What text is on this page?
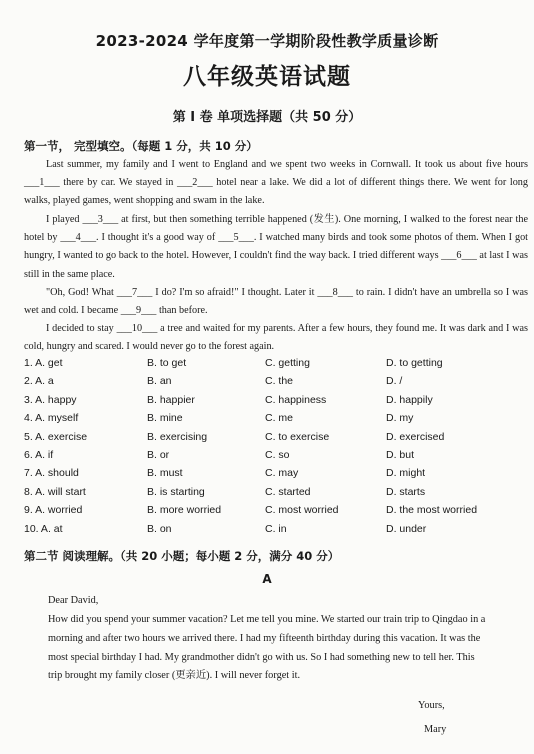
2023-2024 学年度第一学期阶段性教学质量诊断
八年级英语试题
第 I 卷 单项选择题（共 50 分）
第一节， 完型填空。（每题 1 分，共 10 分）
Last summer, my family and I went to England and we spent two weeks in Cornwall. It took us about five hours ___1___ there by car. We stayed in ___2___ hotel near a lake. We did a lot of different things there. We went for long walks, played games, went shopping and swam in the lake.
I played ___3___ at first, but then something terrible happened (发生). One morning, I walked to the forest near the hotel by ___4___. I thought it's a good way of ___5___. I watched many birds and took some photos of them. When I got hungry, I wanted to go back to the hotel. However, I couldn't find the way back. I tried different ways ___6___ at last I was still in the same place.
"Oh, God! What ___7___ I do? I'm so afraid!" I thought. Later it ___8___ to rain. I didn't have an umbrella so I was wet and cold. I became ___9___ than before.
I decided to stay ___10___ a tree and waited for my parents. After a few hours, they found me. It was dark and I was cold, hungry and scared. I would never go to the forest again.
1. A. get	B. to get	C. getting	D. to getting
2. A. a	B. an	C. the	D. /
3. A. happy	B. happier	C. happiness	D. happily
4. A. myself	B. mine	C. me	D. my
5. A. exercise	B. exercising	C. to exercise	D. exercised
6. A. if	B. or	C. so	D. but
7. A. should	B. must	C. may	D. might
8. A. will start	B. is starting	C. started	D. starts
9. A. worried	B. more worried	C. most worried	D. the most worried
10. A. at	B. on	C. in	D. under
第二节 阅读理解。（共 20 小题；每小题 2 分，满分 40 分）
A
Dear David,
How did you spend your summer vacation? Let me tell you mine. We started our train trip to Qingdao in a morning and after two hours we arrived there. I had my fifteenth birthday during this vacation. It was the most special birthday I had. My grandmother didn't go with us. So I had something new to tell her. This trip brought my family closer (更亲近). I will never forget it.
Yours,
Mary
